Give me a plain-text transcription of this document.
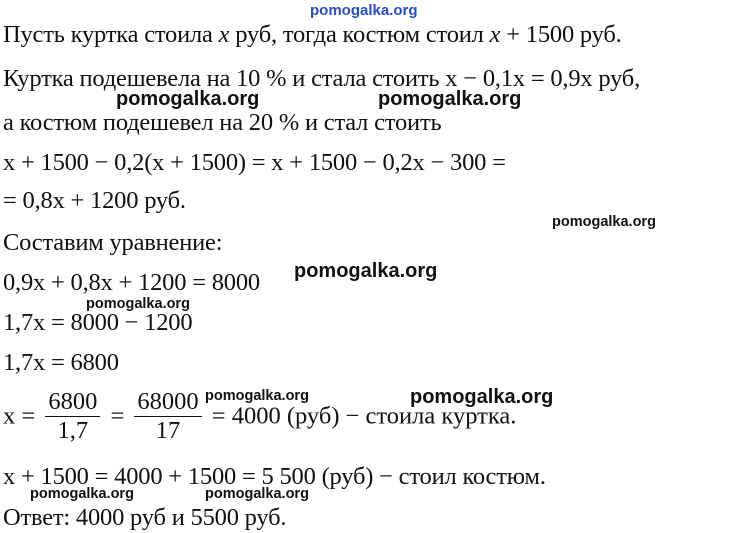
pomogalka.org
pomogalka.org	pomogalka.org
pomogalka.org
pomogalka.org
pomogalka.org
pomogalka.org	pomogalka.org
pomogalka.org	pomogalka.org
Пусть куртка стоила x руб, тогда костюм стоил x + 1500 руб.
Куртка подешевела на 10 % и стала стоить x − 0,1x = 0,9x руб,
а костюм подешевел на 20 % и стал стоить
x + 1500 − 0,2(x + 1500) = x + 1500 − 0,2x − 300 =
= 0,8x + 1200 руб.
Составим уравнение:
0,9x + 0,8x + 1200 = 8000
1,7x = 8000 − 1200
1,7x = 6800
$x = \frac{6800}{1,7} = \frac{68000}{17} = 4000$ (руб) − стоила куртка.
x + 1500 = 4000 + 1500 = 5 500 (руб) − стоил костюм.
Ответ: 4000 руб и 5500 руб.
